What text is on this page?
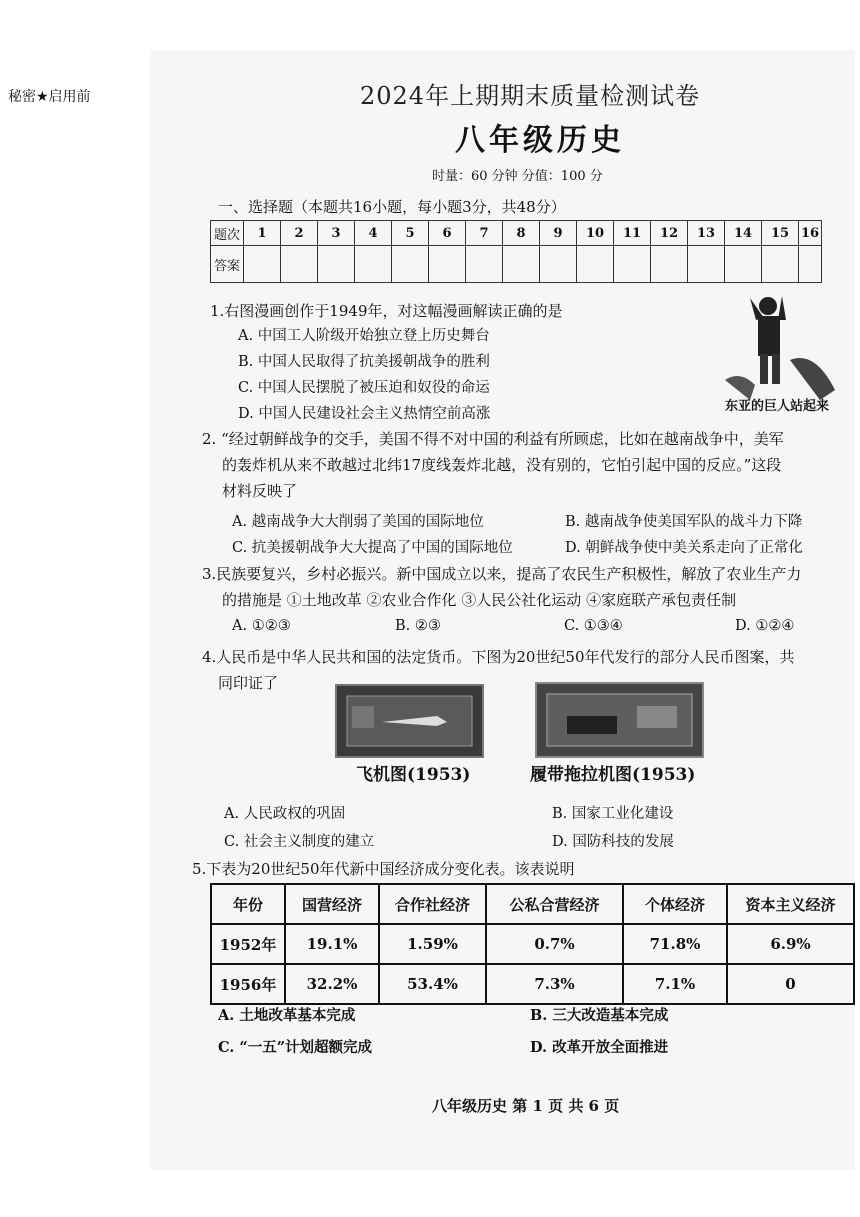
秘密★启用前	2024年上期期末质量检测试卷
八年级历史
时量：60 分钟 分值：100 分
一、选择题（本题共16小题，每小题3分，共48分）
题次	1	2	3	4	5	6	7	8	9	10	11	12	13	14	15	16
答案																
1.右图漫画创作于1949年，对这幅漫画解读正确的是
A. 中国工人阶级开始独立登上历史舞台
B. 中国人民取得了抗美援朝战争的胜利
C. 中国人民摆脱了被压迫和奴役的命运
D. 中国人民建设社会主义热情空前高涨	东亚的巨人站起来
2. “经过朝鲜战争的交手，美国不得不对中国的利益有所顾虑，比如在越南战争中，美军
的轰炸机从来不敢越过北纬17度线轰炸北越，没有别的，它怕引起中国的反应。”这段
材料反映了
A. 越南战争大大削弱了美国的国际地位	B. 越南战争使美国军队的战斗力下降
C. 抗美援朝战争大大提高了中国的国际地位	D. 朝鲜战争使中美关系走向了正常化
3.民族要复兴，乡村必振兴。新中国成立以来，提高了农民生产积极性，解放了农业生产力
的措施是 ①土地改革 ②农业合作化 ③人民公社化运动 ④家庭联产承包责任制
A. ①②③	B. ②③	C. ①③④	D. ①②④
4.人民币是中华人民共和国的法定货币。下图为20世纪50年代发行的部分人民币图案，共
同印证了
飞机图(1953)	履带拖拉机图(1953)
A. 人民政权的巩固	B. 国家工业化建设
C. 社会主义制度的建立	D. 国防科技的发展
5.下表为20世纪50年代新中国经济成分变化表。该表说明
年份	国营经济	合作社经济	公私合营经济	个体经济	资本主义经济
1952年	19.1%	1.59%	0.7%	71.8%	6.9%
1956年	32.2%	53.4%	7.3%	7.1%	0
A. 土地改革基本完成	B. 三大改造基本完成
C. “一五”计划超额完成	D. 改革开放全面推进
八年级历史 第 1 页 共 6 页
